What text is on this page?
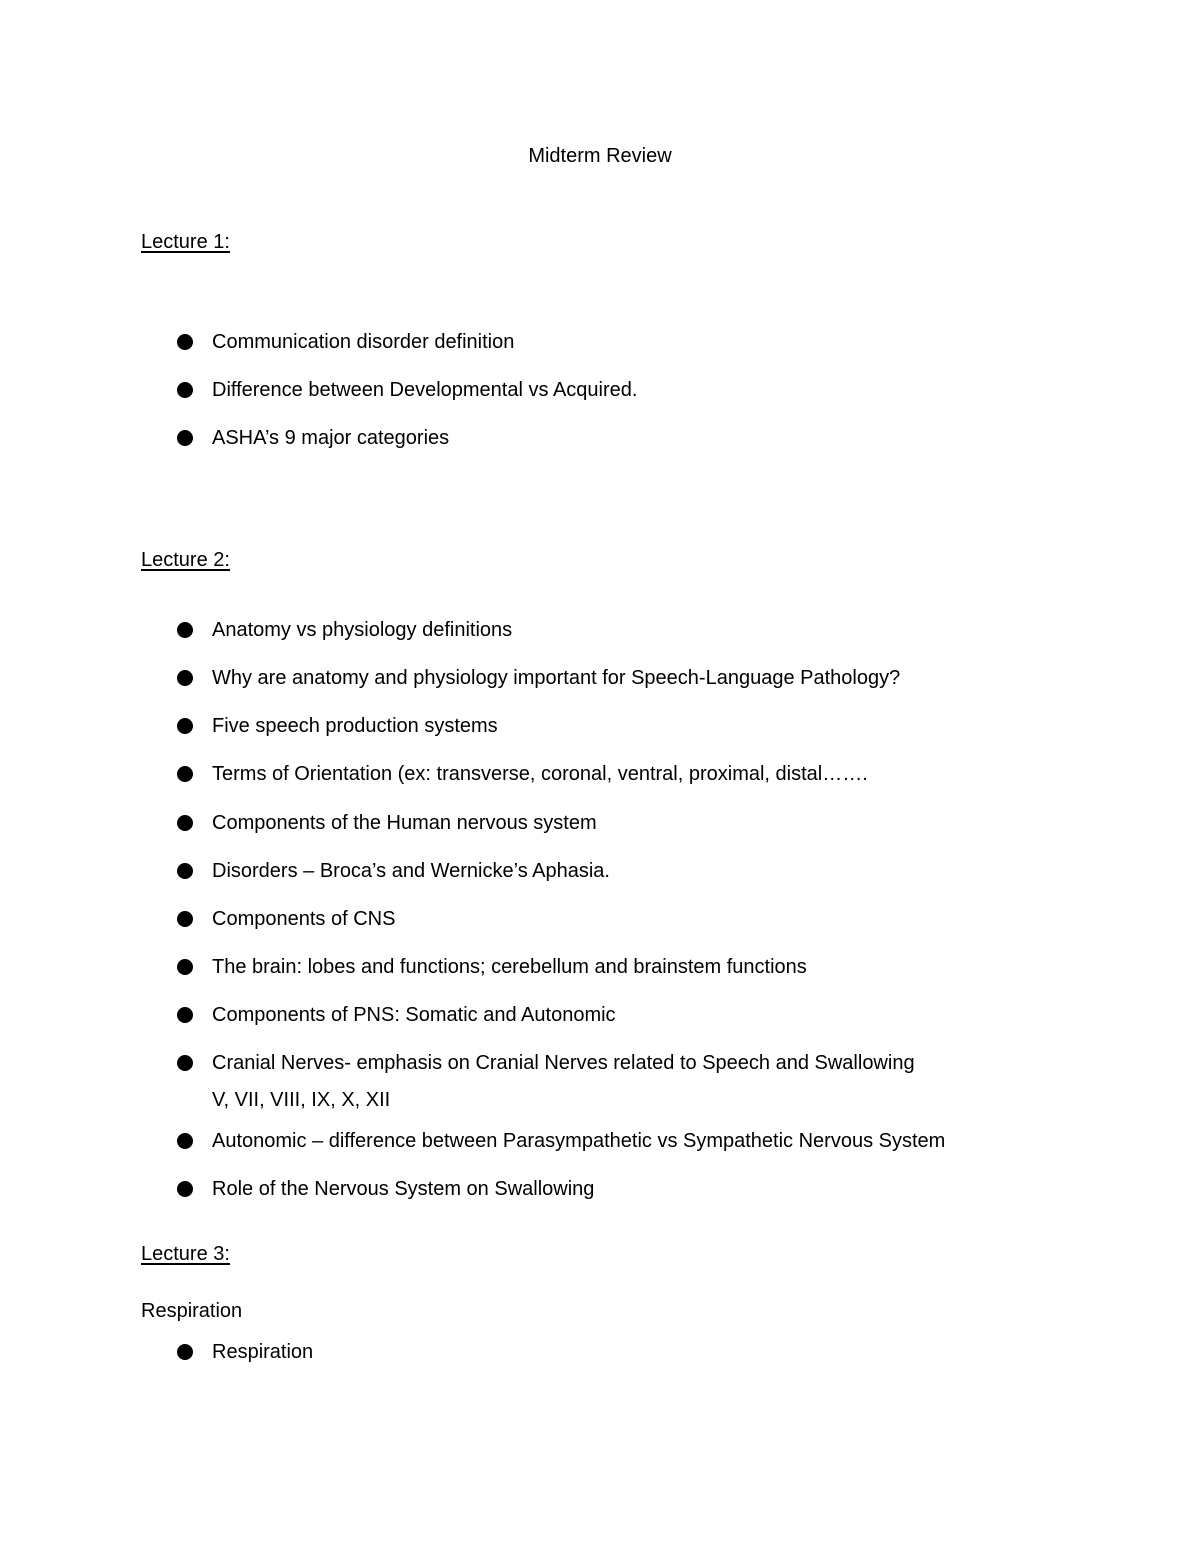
Midterm Review
Lecture 1:
Communication disorder definition
Difference between Developmental vs Acquired.
ASHA’s 9 major categories
Lecture 2:
Anatomy vs physiology definitions
Why are anatomy and physiology important for Speech-Language Pathology?
Five speech production systems
Terms of Orientation (ex: transverse, coronal, ventral, proximal, distal…….
Components of the Human nervous system
Disorders – Broca’s and Wernicke’s Aphasia.
Components of CNS
The brain: lobes and functions; cerebellum and brainstem functions
Components of PNS: Somatic and Autonomic
Cranial Nerves- emphasis on Cranial Nerves related to Speech and Swallowing
V, VII, VIII, IX, X, XII
Autonomic – difference between Parasympathetic vs Sympathetic Nervous System
Role of the Nervous System on Swallowing
Lecture 3:
Respiration
Respiration
